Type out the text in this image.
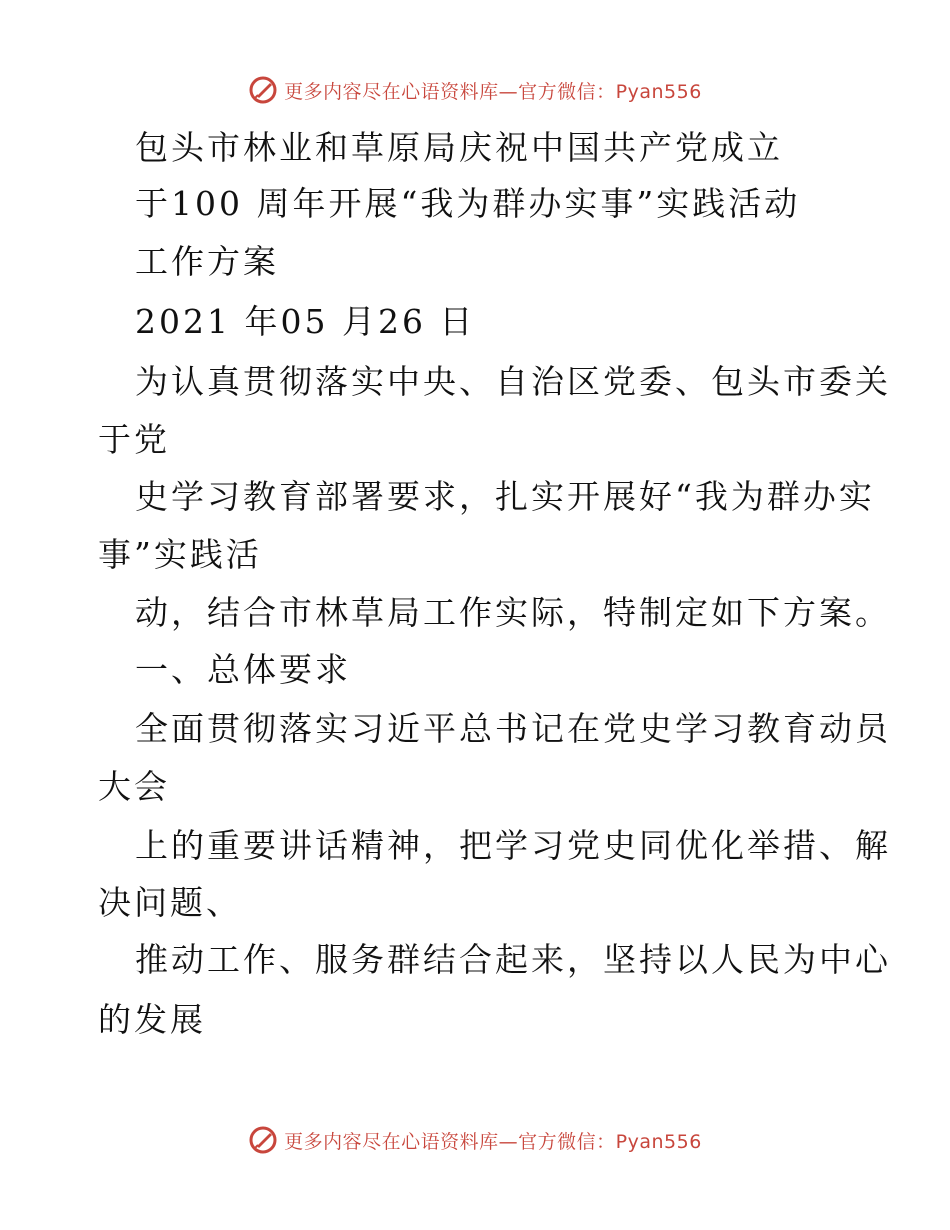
更多内容尽在心语资料库—官方微信：Pyan556
包头市林业和草原局庆祝中国共产党成立
于100 周年开展“我为群办实事”实践活动
工作方案
2021 年05 月26 日
为认真贯彻落实中央、自治区党委、包头市委关
于党
史学习教育部署要求，扎实开展好“我为群办实
事”实践活
动，结合市林草局工作实际，特制定如下方案。
一、总体要求
全面贯彻落实习近平总书记在党史学习教育动员
大会
上的重要讲话精神，把学习党史同优化举措、解
决问题、
推动工作、服务群结合起来，坚持以人民为中心
的发展
更多内容尽在心语资料库—官方微信：Pyan556
